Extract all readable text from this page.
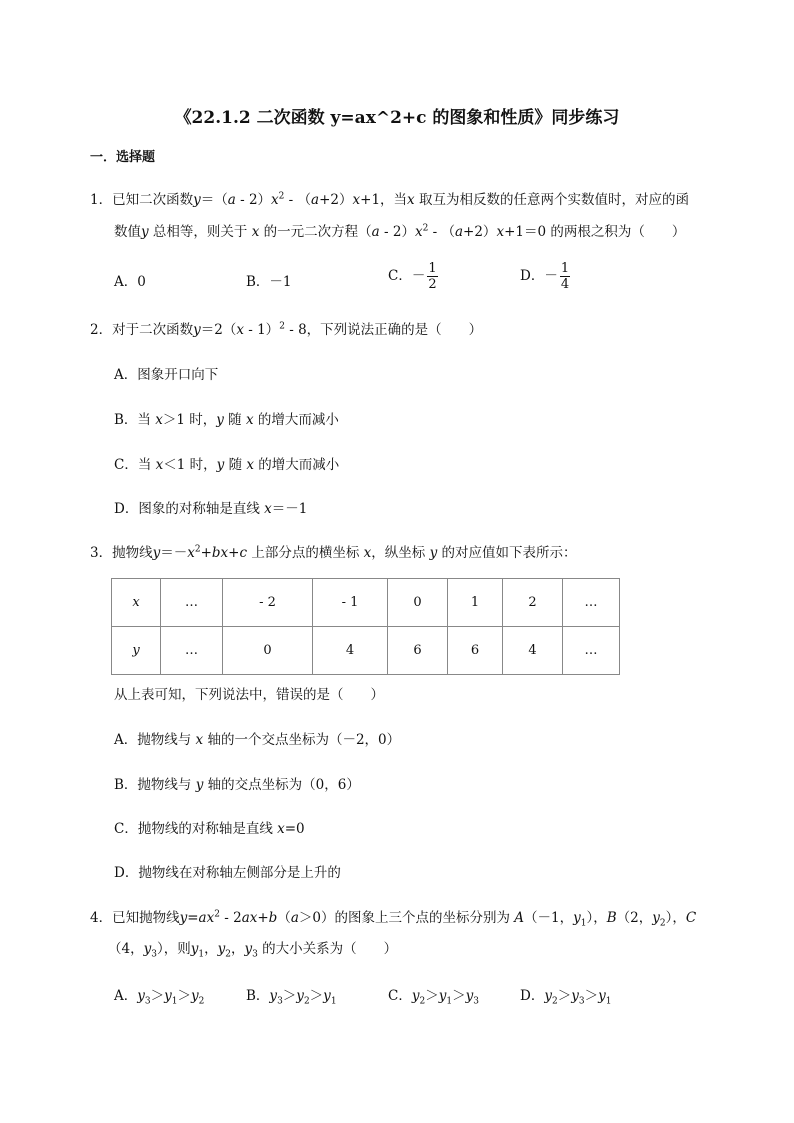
《22.1.2 二次函数 y=ax^2+c 的图象和性质》同步练习
一．选择题
1．已知二次函数$y=(a - 2)x^2 - (a+2)x+1$，当x 取互为相反数的任意两个实数值时，对应的函
数值y 总相等，则关于 x 的一元二次方程$(a - 2)x^2 - (a+2)x+1=0$ 的两根之积为（　　）
A．0	B．－1	C．－ $\frac{1}{2}$	D．－ $\frac{1}{4}$
2．对于二次函数y＝2（x - 1）$^2$ - 8，下列说法正确的是（　　）
A．图象开口向下
B．当 x＞1 时，y 随 x 的增大而减小
C．当 x＜1 时，y 随 x 的增大而减小
D．图象的对称轴是直线 x＝－1
3．抛物线$y=-x^2+bx+c$ 上部分点的横坐标 x，纵坐标 y 的对应值如下表所示：
x	…	- 2	- 1	0	1	2	…
y	…	0	4	6	6	4	…
从上表可知，下列说法中，错误的是（　　）
A．抛物线与 x 轴的一个交点坐标为（－2，0）
B．抛物线与 y 轴的交点坐标为（0，6）
C．抛物线的对称轴是直线 x=0
D．抛物线在对称轴左侧部分是上升的
4．已知抛物线$y=ax^2 - 2ax+b(a>0)$的图象上三个点的坐标分别为 A（－1，$y_1$），B（2，$y_2$），C
（4，$y_3$），则$y_1$，$y_2$，$y_3$ 的大小关系为（　　）
A．$y_3>y_1>y_2$	B．$y_3>y_2>y_1$	C．$y_2>y_1>y_3$	D．$y_2>y_3>y_1$
